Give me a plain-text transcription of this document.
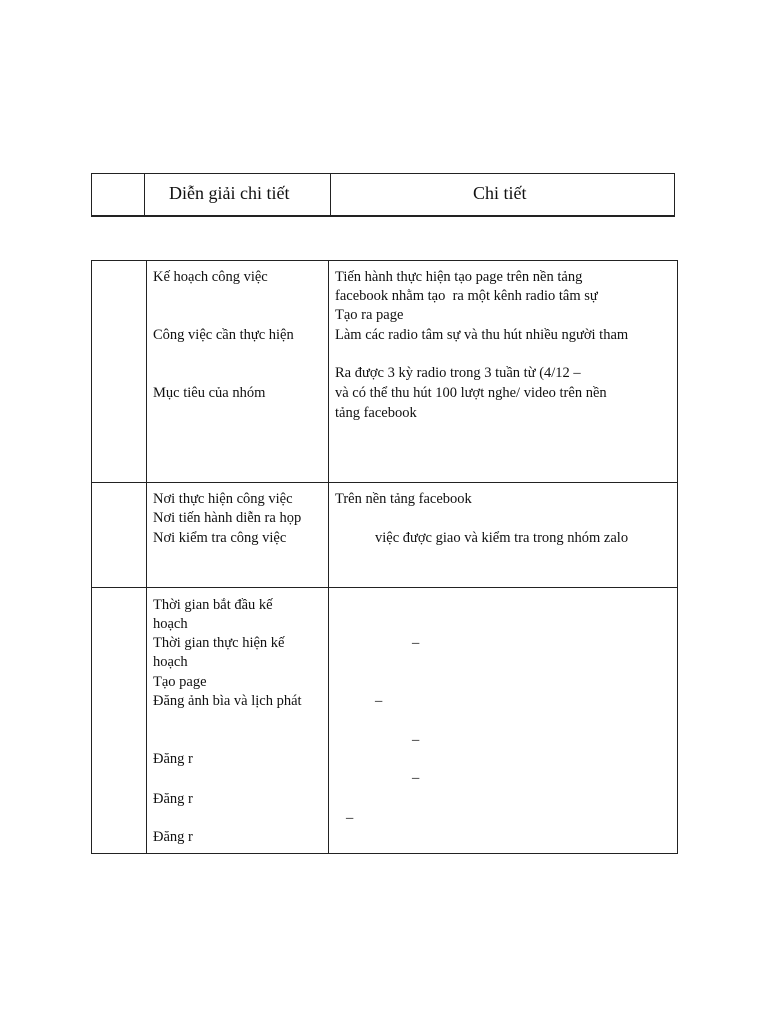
Diễn giải chi tiết	Chi tiết
Kế hoạch công việc
Công việc cần thực hiện
Mục tiêu của nhóm
Tiến hành thực hiện tạo page trên nền tảng
facebook nhằm tạo  ra một kênh radio tâm sự
Tạo ra page
Làm các radio tâm sự và thu hút nhiều người tham
Ra được 3 kỳ radio trong 3 tuần từ (4/12 –
và có thể thu hút 100 lượt nghe/ video trên nền
tảng facebook
Nơi thực hiện công việc
Nơi tiến hành diễn ra họp
Nơi kiểm tra công việc
Trên nền tảng facebook
việc được giao và kiểm tra trong nhóm zalo
Thời gian bắt đầu kế
hoạch
Thời gian thực hiện kế
hoạch
Tạo page
Đăng ảnh bìa và lịch phát
Đăng r
Đăng r
Đăng r
–
–
–
–
–
